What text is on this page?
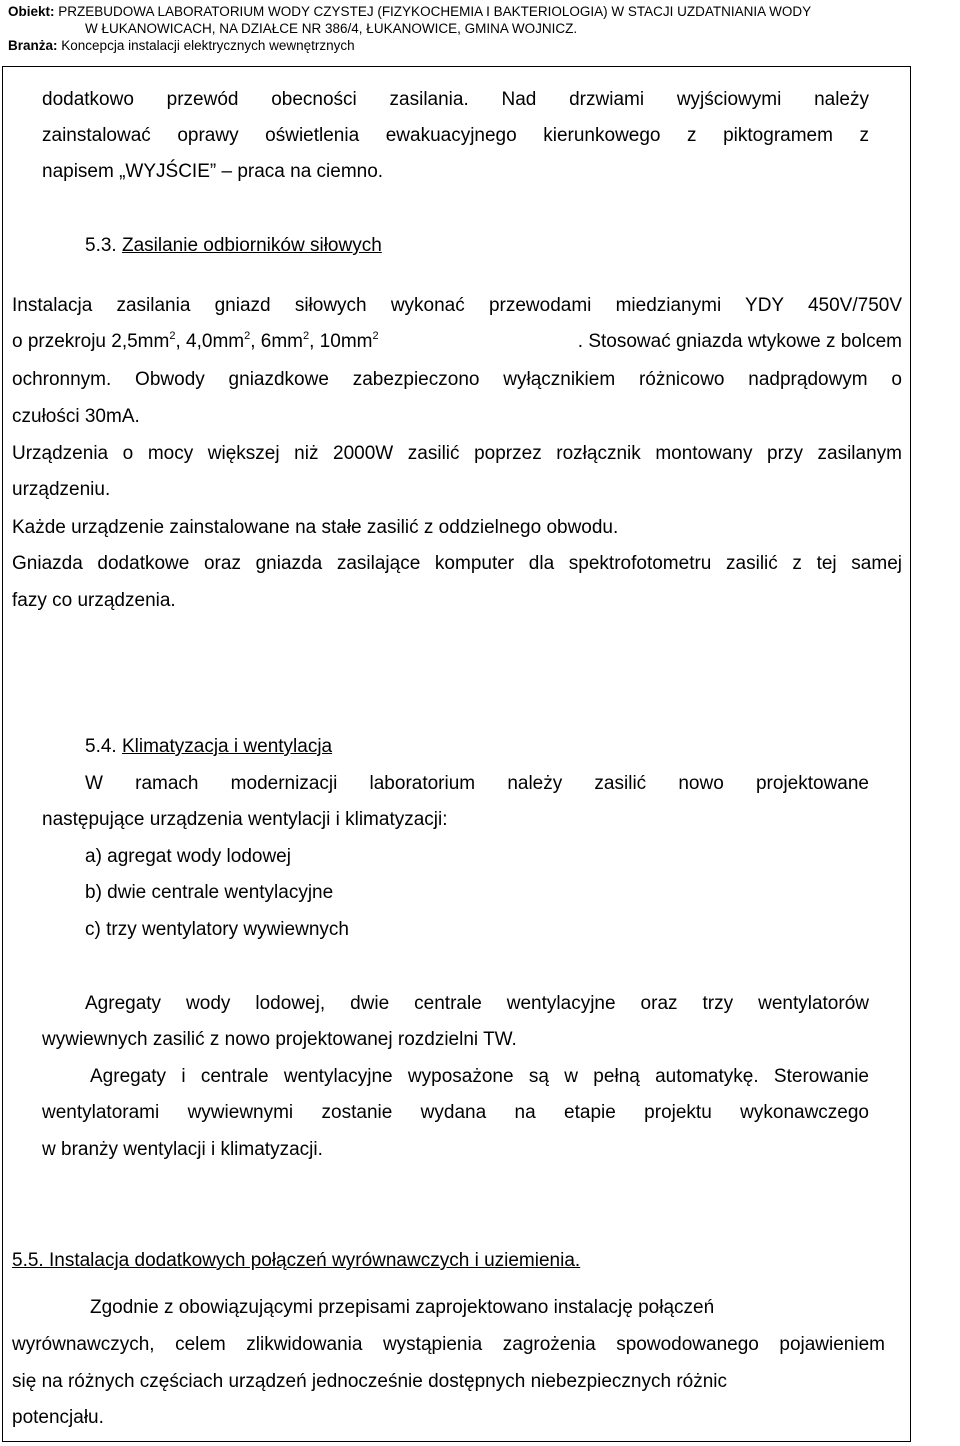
Obiekt: PRZEBUDOWA LABORATORIUM WODY CZYSTEJ (FIZYKOCHEMIA I BAKTERIOLOGIA) W STACJI UZDATNIANIA WODY
W ŁUKANOWICACH, NA DZIAŁCE NR 386/4, ŁUKANOWICE, GMINA WOJNICZ.
Branża: Koncepcja instalacji elektrycznych wewnętrznych
dodatkowo przewód obecności zasilania. Nad drzwiami wyjściowymi należy
zainstalować oprawy oświetlenia ewakuacyjnego kierunkowego z piktogramem z
napisem „WYJŚCIE” – praca na ciemno.
5.3. Zasilanie odbiorników siłowych
Instalacja zasilania gniazd siłowych wykonać przewodami miedzianymi YDY 450V/750V
o przekroju $2,5mm^2$, $4,0mm^2$, $6mm^2$, $10mm^2$	. Stosować gniazda wtykowe z bolcem
ochronnym. Obwody gniazdkowe zabezpieczono wyłącznikiem różnicowo nadprądowym o
czułości 30mA.
Urządzenia o mocy większej niż 2000W zasilić poprzez rozłącznik montowany przy zasilanym
urządzeniu.
Każde urządzenie zainstalowane na stałe zasilić z oddzielnego obwodu.
Gniazda dodatkowe oraz gniazda zasilające komputer dla spektrofotometru zasilić z tej samej
fazy co urządzenia.
5.4. Klimatyzacja i wentylacja
W ramach modernizacji laboratorium należy zasilić nowo projektowane
następujące urządzenia wentylacji i klimatyzacji:
a) agregat wody lodowej
b) dwie centrale wentylacyjne
c) trzy wentylatory wywiewnych
Agregaty wody lodowej, dwie centrale wentylacyjne oraz trzy wentylatorów
wywiewnych zasilić z nowo projektowanej rozdzielni TW.
Agregaty i centrale wentylacyjne wyposażone są w pełną automatykę. Sterowanie
wentylatorami wywiewnymi zostanie wydana na etapie projektu wykonawczego
w branży wentylacji i klimatyzacji.
5.5. Instalacja dodatkowych połączeń wyrównawczych i uziemienia.
Zgodnie z obowiązującymi przepisami zaprojektowano instalację połączeń
wyrównawczych, celem zlikwidowania wystąpienia zagrożenia spowodowanego pojawieniem
się na różnych częściach urządzeń jednocześnie dostępnych niebezpiecznych różnic
potencjału.
